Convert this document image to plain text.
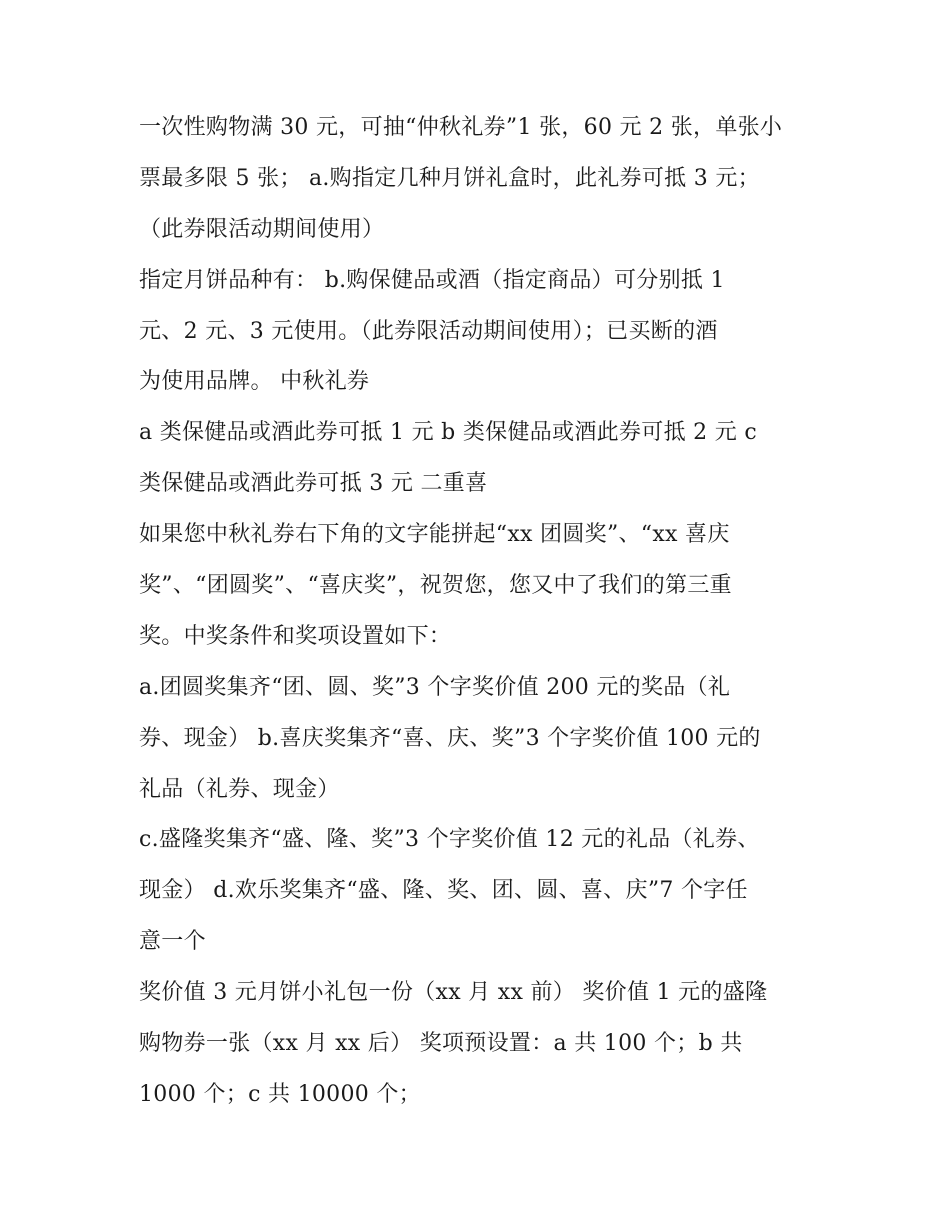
一次性购物满 30 元，可抽“仲秋礼券”1 张，60 元 2 张，单张小
票最多限 5 张； a.购指定几种月饼礼盒时，此礼券可抵 3 元；
（此券限活动期间使用）
指定月饼品种有： b.购保健品或酒（指定商品）可分别抵 1
元、2 元、3 元使用。（此券限活动期间使用）；已买断的酒
为使用品牌。 中秋礼券
a 类保健品或酒此券可抵 1 元 b 类保健品或酒此券可抵 2 元 c
类保健品或酒此券可抵 3 元 二重喜
如果您中秋礼券右下角的文字能拼起“xx 团圆奖”、“xx 喜庆
奖”、“团圆奖”、“喜庆奖”，祝贺您，您又中了我们的第三重
奖。中奖条件和奖项设置如下：
a.团圆奖集齐“团、圆、奖”3 个字奖价值 200 元的奖品（礼
券、现金） b.喜庆奖集齐“喜、庆、奖”3 个字奖价值 100 元的
礼品（礼券、现金）
c.盛隆奖集齐“盛、隆、奖”3 个字奖价值 12 元的礼品（礼券、
现金） d.欢乐奖集齐“盛、隆、奖、团、圆、喜、庆”7 个字任
意一个
奖价值 3 元月饼小礼包一份（xx 月 xx 前） 奖价值 1 元的盛隆
购物券一张（xx 月 xx 后） 奖项预设置：a 共 100 个；b 共
1000 个；c 共 10000 个；
